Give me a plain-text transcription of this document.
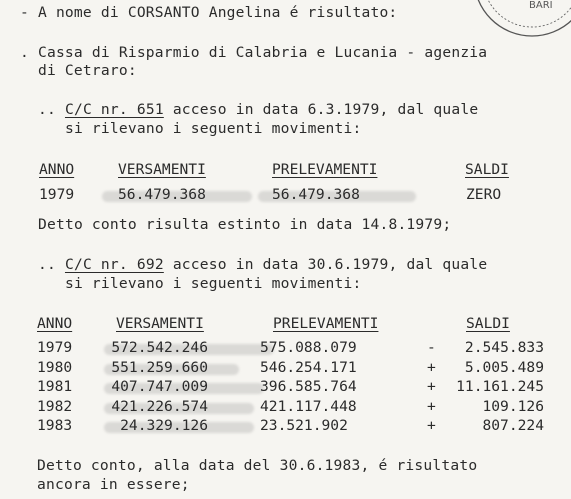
BARI
- A nome di CORSANTO Angelina é risultato:
. Cassa di Risparmio di Calabria e Lucania - agenzia
di Cetraro:
.. C/C nr. 651 acceso in data 6.3.1979, dal quale
si rilevano i seguenti movimenti:
ANNO	VERSAMENTI	PRELEVAMENTI	SALDI
1979	56.479.368	56.479.368	ZERO
Detto conto risulta estinto in data 14.8.1979;
.. C/C nr. 692 acceso in data 30.6.1979, dal quale
si rilevano i seguenti movimenti:
ANNO	VERSAMENTI	PRELEVAMENTI	SALDI
1979	572.542.246	575.088.079	-	2.545.833
1980	551.259.660	546.254.171	+	5.005.489
1981	407.747.009	396.585.764	+	11.161.245
1982	421.226.574	421.117.448	+	109.126
1983	24.329.126	23.521.902	+	807.224
Detto conto, alla data del 30.6.1983, é risultato
ancora in essere;
